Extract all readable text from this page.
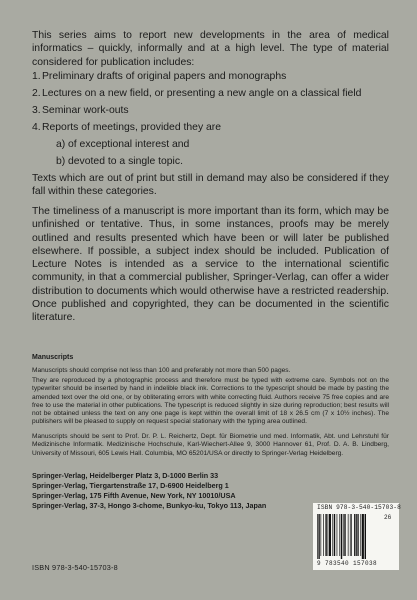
This series aims to report new developments in the area of medical informatics – quickly, informally and at a high level. The type of material considered for publication includes:

1.Preliminary drafts of original papers and monographs
2.Lectures on a new field, or presenting a new angle on a classical field
3.Seminar work-outs
4.Reports of meetings, provided they are
a) of exceptional interest and
b) devoted to a single topic.

Texts which are out of print but still in demand may also be considered if they fall within these categories.

The timeliness of a manuscript is more important than its form, which may be unfinished or tentative. Thus, in some instances, proofs may be merely outlined and results presented which have been or will later be published elsewhere. If possible, a subject index should be included. Publication of Lecture Notes is intended as a service to the international scientific community, in that a commercial publisher, Springer-Verlag, can offer a wider distribution to documents which would otherwise have a restricted readership. Once published and copyrighted, they can be documented in the scientific literature.

Manuscripts

Manuscripts should comprise not less than 100 and preferably not more than 500 pages.

They are reproduced by a photographic process and therefore must be typed with extreme care. Symbols not on the typewriter should be inserted by hand in indelible black ink. Corrections to the typescript should be made by pasting the amended text over the old one, or by obliterating errors with white correcting fluid. Authors receive 75 free copies and are free to use the material in other publications. The typescript is reduced slightly in size during reproduction; best results will not be obtained unless the text on any one page is kept within the overall limit of 18 x 26.5 cm (7 x 10½ inches). The publishers will be pleased to supply on request special stationary with the typing area outlined.

Manuscripts should be sent to Prof. Dr. P. L. Reichertz, Dept. für Biometrie und med. Informatik, Abt. und Lehrstuhl für Medizinische Informatik. Medizinische Hochschule, Karl-Wiechert-Allee 9, 3000 Hannover 61, Prof. D. A. B. Lindberg, University of Missouri, 605 Lewis Hall. Columbia, MO 65201/USA or directly to Springer-Verlag Heidelberg.

Springer-Verlag, Heidelberger Platz 3, D-1000 Berlin 33
Springer-Verlag, Tiergartenstraße 17, D-6900 Heidelberg 1
Springer-Verlag, 175 Fifth Avenue, New York, NY 10010/USA
Springer-Verlag, 37-3, Hongo 3-chome, Bunkyo-ku, Tokyo 113, Japan
ISBN 978-3-540-15703-8
ISBN 978-3-540-15703-8
26
9 783540 157038
